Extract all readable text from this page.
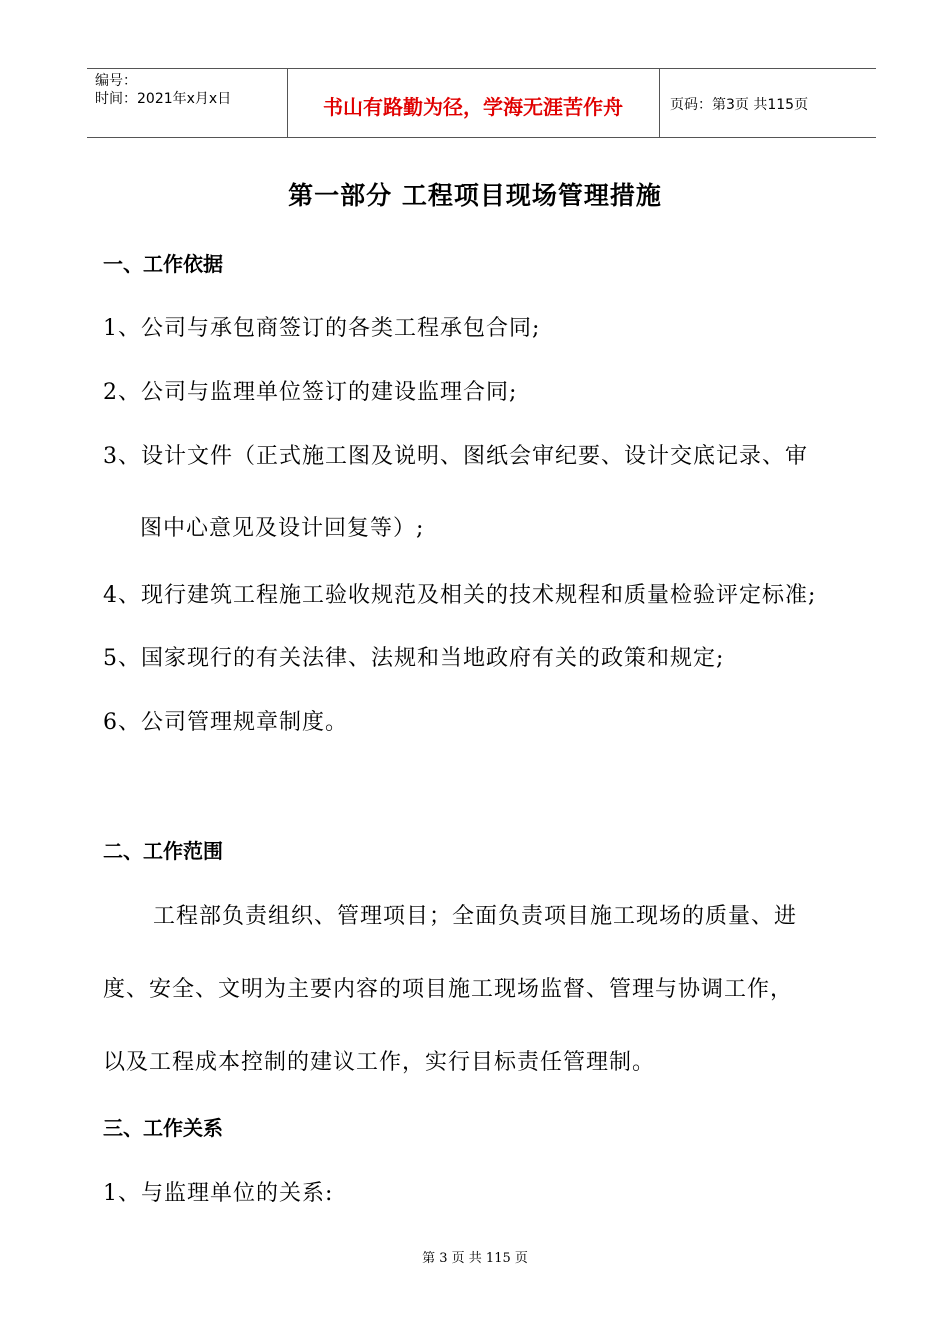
编号：
时间：2021年x月x日	书山有路勤为径，学海无涯苦作舟	页码：第3页 共115页
第一部分 工程项目现场管理措施
一、工作依据
1、公司与承包商签订的各类工程承包合同;
2、公司与监理单位签订的建设监理合同;
3、设计文件（正式施工图及说明、图纸会审纪要、设计交底记录、审
图中心意见及设计回复等）;
4、现行建筑工程施工验收规范及相关的技术规程和质量检验评定标准;
5、国家现行的有关法律、法规和当地政府有关的政策和规定;
6、公司管理规章制度。
二、工作范围
工程部负责组织、管理项目；全面负责项目施工现场的质量、进
度、安全、文明为主要内容的项目施工现场监督、管理与协调工作，
以及工程成本控制的建议工作，实行目标责任管理制。
三、工作关系
1、与监理单位的关系:
第 3 页 共 115 页
